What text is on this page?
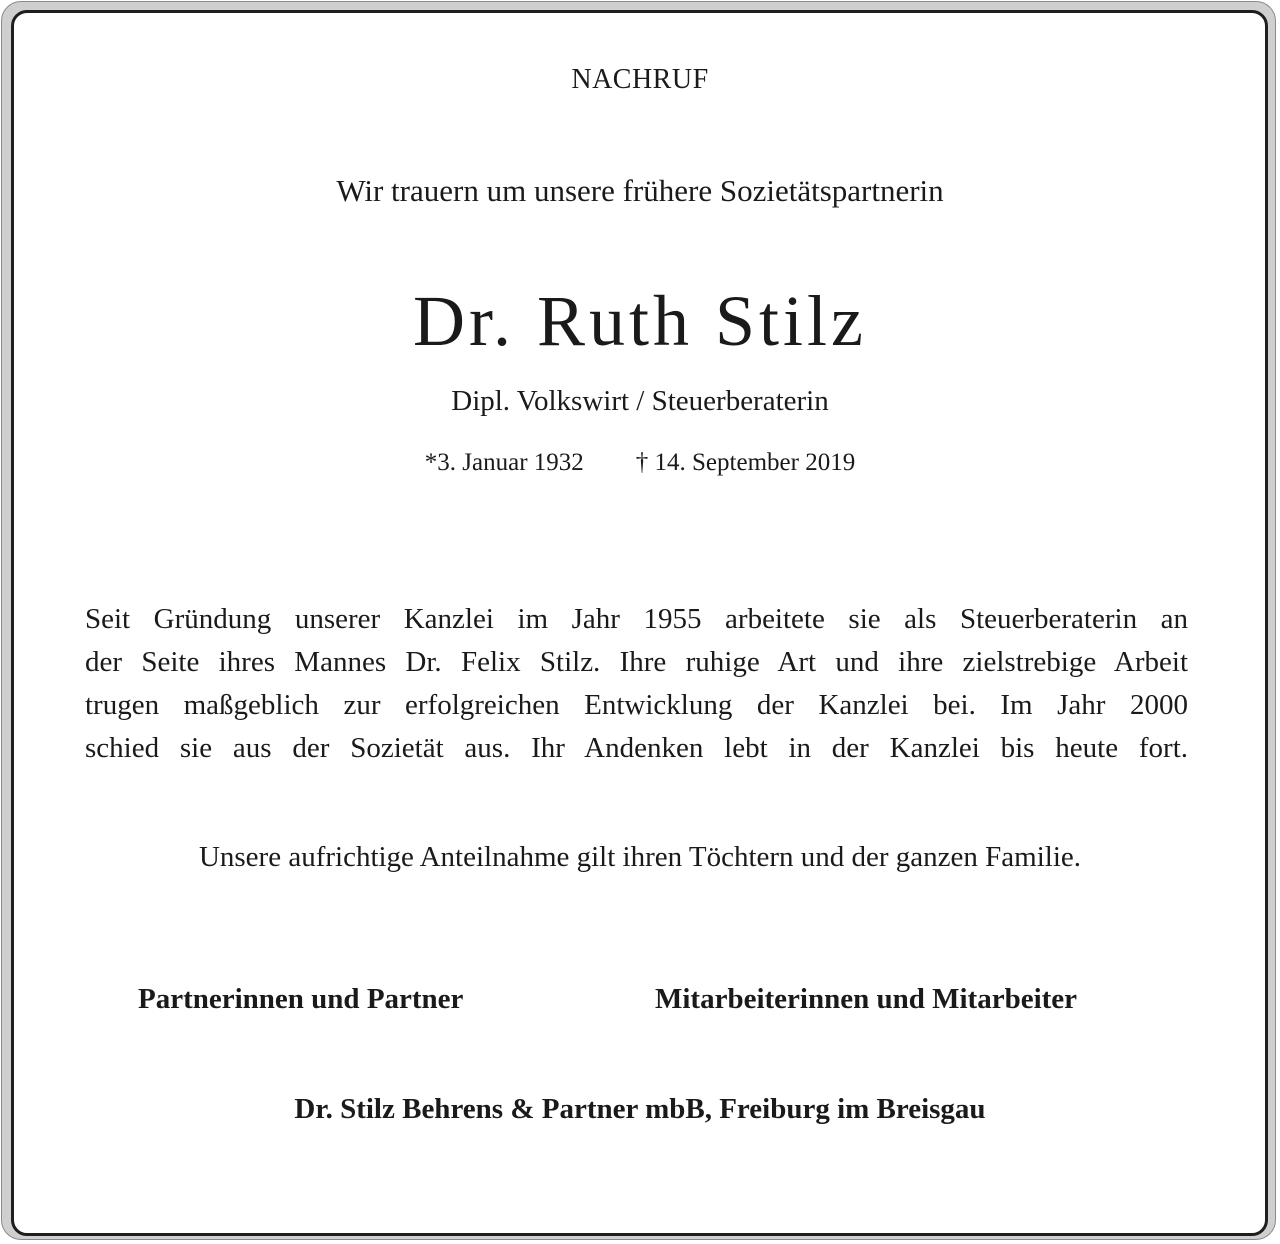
NACHRUF

Wir trauern um unsere frühere Sozietätspartnerin

Dr. Ruth Stilz

Dipl. Volkswirt / Steuerberaterin

*3. Januar 1932 † 14. September 2019

Seit Gründung unserer Kanzlei im Jahr 1955 arbeitete sie als Steuerberaterin an
der Seite ihres Mannes Dr. Felix Stilz. Ihre ruhige Art und ihre zielstrebige Arbeit
trugen maßgeblich zur erfolgreichen Entwicklung der Kanzlei bei. Im Jahr 2000
schied sie aus der Sozietät aus. Ihr Andenken lebt in der Kanzlei bis heute fort.

Unsere aufrichtige Anteilnahme gilt ihren Töchtern und der ganzen Familie.

Partnerinnen und Partner	Mitarbeiterinnen und Mitarbeiter

Dr. Stilz Behrens & Partner mbB, Freiburg im Breisgau
